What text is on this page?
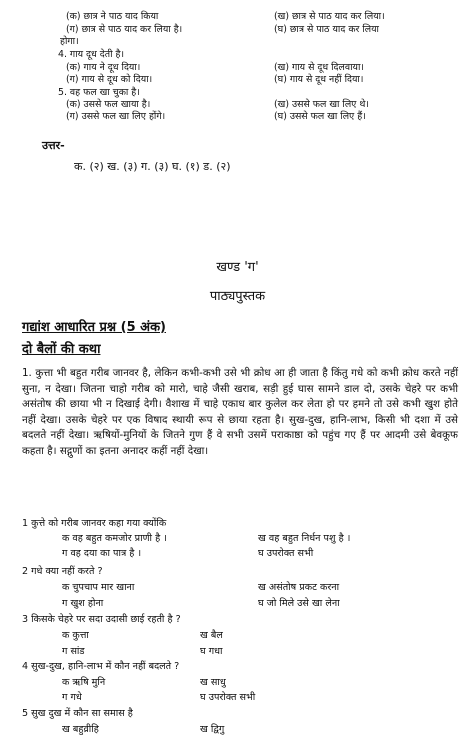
(क) छात्र ने पाठ याद किया	(ख) छात्र से पाठ याद कर लिया।
(ग) छात्र से पाठ याद कर लिया है।	(घ) छात्र से पाठ याद कर लिया
होगा।
4. गाय दूध देती है।
(क) गाय ने दूध दिया।	(ख) गाय से दूध दिलवाया।
(ग) गाय से दूध को दिया।	(घ) गाय से दूध नहीं दिया।
5. वह फल खा चुका है।
(क) उससे फल खाया है।	(ख) उससे फल खा लिए थे।
(ग) उससे फल खा लिए होंगे।	(घ) उससे फल खा लिए हैं।
उत्तर-
क. (२) ख. (३) ग. (३) घ. (१) ड. (२)
खण्ड 'ग'
पाठ्यपुस्तक
गद्यांश आधारित प्रश्न (5 अंक)
दो बैलों की कथा
1. कुत्ता भी बहुत गरीब जानवर है, लेकिन कभी-कभी उसे भी क्रोध आ ही जाता है किंतु गधे को कभी क्रोध करते नहीं सुना, न देखा। जितना चाहो गरीब को मारो, चाहे जैसी खराब, सड़ी हुई घास सामने डाल दो, उसके चेहरे पर कभी असंतोष की छाया भी न दिखाई देगी। वैशाख में चाहे एकाध बार कुलेल कर लेता हो पर हमने तो उसे कभी खुश होते नहीं देखा। उसके चेहरे पर एक विषाद स्थायी रूप से छाया रहता है। सुख-दुख, हानि-लाभ, किसी भी दशा में उसे बदलते नहीं देखा। ऋषियों-मुनियों के जितने गुण हैं वे सभी उसमें पराकाष्ठा को पहुंच गए हैं पर आदमी उसे बेवकूफ कहता है। सद्गुणों का इतना अनादर कहीं नहीं देखा।
1 कुत्ते को गरीब जानवर कहा गया क्योंकि
क वह बहुत कमजोर प्राणी है ।	ख वह बहुत निर्धन पशु है ।
ग वह दया का पात्र है ।	घ उपरोक्त सभी
2 गधे क्या नहीं करते ?
क चुपचाप मार खाना	ख असंतोष प्रकट करना
ग खुश होना	घ जो मिले उसे खा लेना
3 किसके चेहरे पर सदा उदासी छाई रहती है ?
क कुत्ता	ख बैल
ग सांड	घ गधा
4 सुख-दुख, हानि-लाभ में कौन नहीं बदलते ?
क ऋषि मुनि	ख साधु
ग गधे	घ उपरोक्त सभी
5 सुख दुख में कौन सा समास है
ख बहुव्रीहि	ख द्विगु
